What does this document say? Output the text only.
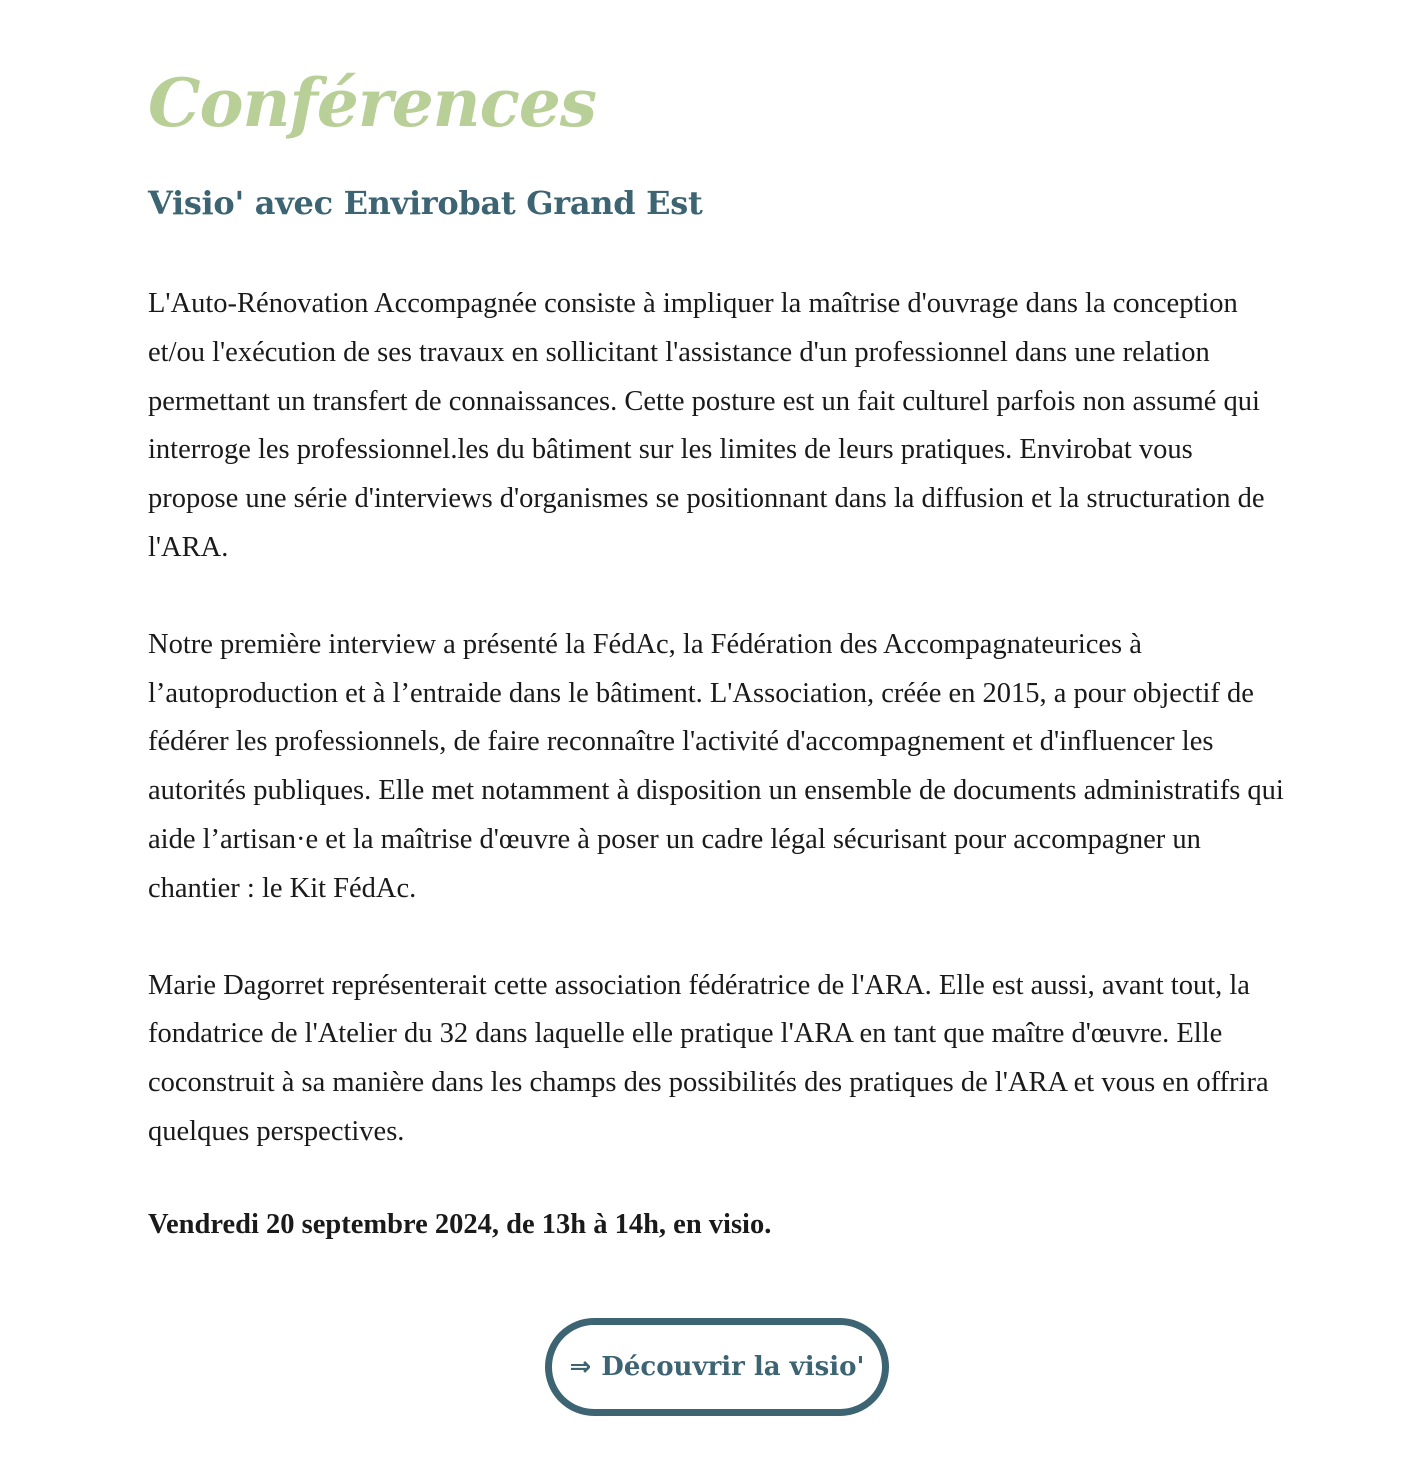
Conférences
Visio' avec Envirobat Grand Est

L'Auto-Rénovation Accompagnée consiste à impliquer la maîtrise d'ouvrage dans la conception et/ou l'exécution de ses travaux en sollicitant l'assistance d'un professionnel dans une relation permettant un transfert de connaissances. Cette posture est un fait culturel parfois non assumé qui interroge les professionnel.les du bâtiment sur les limites de leurs pratiques. Envirobat vous propose une série d'interviews d'organismes se positionnant dans la diffusion et la structuration de l'ARA.

Notre première interview a présenté la FédAc, la Fédération des Accompagnateurices à l’autoproduction et à l’entraide dans le bâtiment. L'Association, créée en 2015, a pour objectif de fédérer les professionnels, de faire reconnaître l'activité d'accompagnement et d'influencer les autorités publiques. Elle met notamment à disposition un ensemble de documents administratifs qui aide l’artisan·e et la maîtrise d'œuvre à poser un cadre légal sécurisant pour accompagner un chantier : le Kit FédAc.

Marie Dagorret représenterait cette association fédératrice de l'ARA. Elle est aussi, avant tout, la fondatrice de l'Atelier du 32 dans laquelle elle pratique l'ARA en tant que maître d'œuvre. Elle coconstruit à sa manière dans les champs des possibilités des pratiques de l'ARA et vous en offrira quelques perspectives.

Vendredi 20 septembre 2024, de 13h à 14h, en visio.

⇒ Découvrir la visio'
